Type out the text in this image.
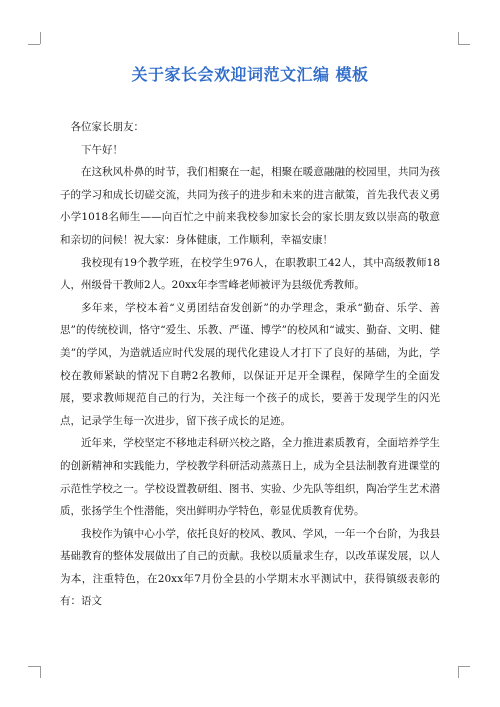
关于家长会欢迎词范文汇编 模板

各位家长朋友：

下午好！

在这秋风朴鼻的时节，我们相聚在一起，相聚在暖意融融的校园里，共同为孩子的学习和成长切磋交流，共同为孩子的进步和未来的进言献策，首先我代表义勇小学1018名师生——向百忙之中前来我校参加家长会的家长朋友致以崇高的敬意和亲切的问候！祝大家：身体健康，工作顺利，幸福安康！

我校现有19个教学班，在校学生976人，在职教职工42人，其中高级教师18人，州级骨干教师2人。20xx年李雪峰老师被评为县级优秀教师。

多年来，学校本着“义勇团结奋发创新”的办学理念，秉承“勤奋、乐学、善思”的传统校训，恪守“爱生、乐教、严谨、博学”的校风和“诚实、勤奋、文明、健美”的学风，为造就适应时代发展的现代化建设人才打下了良好的基础，为此，学校在教师紧缺的情况下自聘2名教师，以保证开足开全课程，保障学生的全面发展，要求教师规范自己的行为，关注每一个孩子的成长，要善于发现学生的闪光点，记录学生每一次进步，留下孩子成长的足迹。

近年来，学校坚定不移地走科研兴校之路，全力推进素质教育，全面培养学生的创新精神和实践能力，学校教学科研活动蒸蒸日上，成为全县法制教育进课堂的示范性学校之一。学校设置教研组、图书、实验、少先队等组织，陶冶学生艺术潜质，张扬学生个性潜能，突出鲜明办学特色，彰显优质教育优势。

我校作为镇中心小学，依托良好的校风、教风、学风，一年一个台阶，为我县基础教育的整体发展做出了自己的贡献。我校以质量求生存，以改革谋发展，以人为本，注重特色，在20xx年7月份全县的小学期末水平测试中，获得镇级表彰的有：语文
